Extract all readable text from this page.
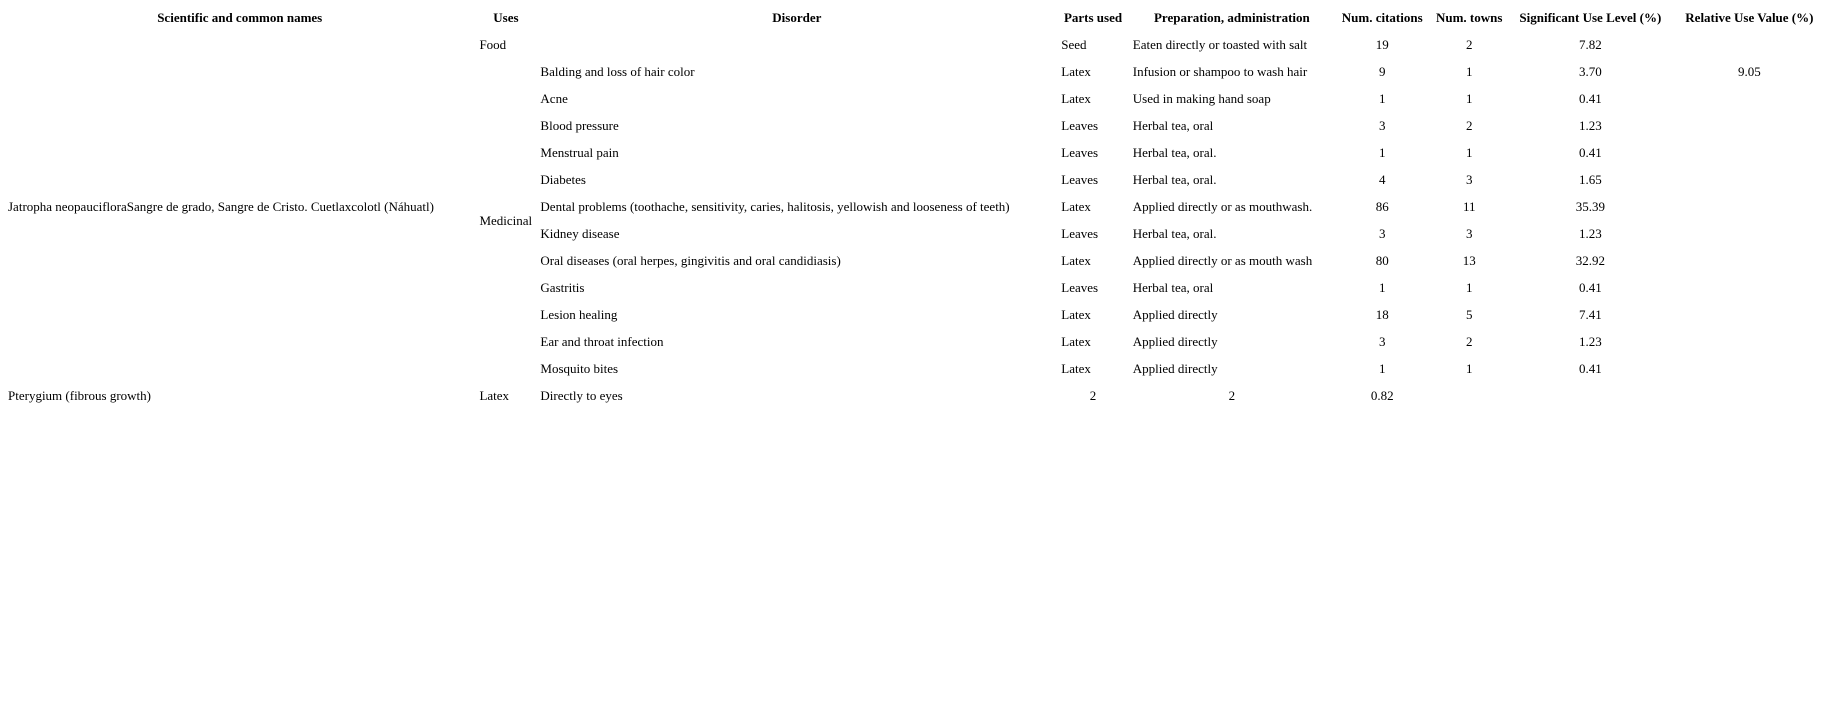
Scientific and common names	Uses	Disorder	Parts used	Preparation, administration	Num. citations	Num. towns	Significant Use Level (%)	Relative Use Value (%)
Jatropha neopaucifloraSangre de grado, Sangre de Cristo. Cuetlaxcolotl (Náhuatl)	Food		Seed	Eaten directly or toasted with salt	19	2	7.82	
	Medicinal	Balding and loss of hair color	Latex	Infusion or shampoo to wash hair	9	1	3.70	9.05
		Acne	Latex	Used in making hand soap	1	1	0.41	
		Blood pressure	Leaves	Herbal tea, oral	3	2	1.23	
		Menstrual pain	Leaves	Herbal tea, oral.	1	1	0.41	
		Diabetes	Leaves	Herbal tea, oral.	4	3	1.65	
		Dental problems (toothache, sensitivity, caries, halitosis, yellowish and looseness of teeth)	Latex	Applied directly or as mouthwash.	86	11	35.39	
		Kidney disease	Leaves	Herbal tea, oral.	3	3	1.23	
		Oral diseases (oral herpes, gingivitis and oral candidiasis)	Latex	Applied directly or as mouth wash	80	13	32.92	
		Gastritis	Leaves	Herbal tea, oral	1	1	0.41	
		Lesion healing	Latex	Applied directly	18	5	7.41	
		Ear and throat infection	Latex	Applied directly	3	2	1.23	
		Mosquito bites	Latex	Applied directly	1	1	0.41	
Pterygium (fibrous growth)	Latex	Directly to eyes	2	2	0.82			
